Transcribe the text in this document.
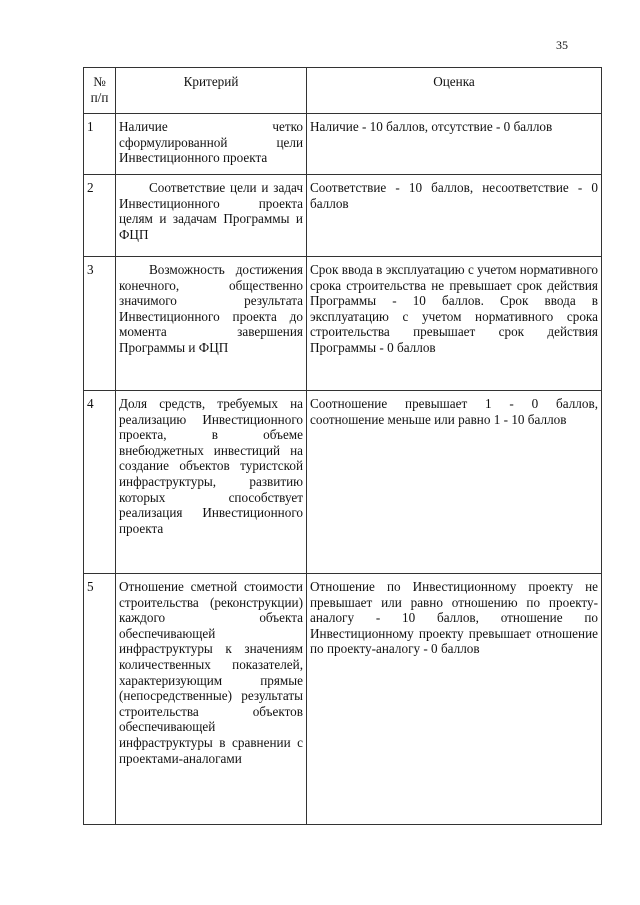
35
№
п/п	Критерий	Оценка
1	Наличие четко сформулированной цели Инвестиционного проекта	Наличие - 10 баллов, отсутствие - 0 баллов
2	Соответствие цели и задач Инвестиционного проекта целям и задачам Программы и ФЦП	Соответствие - 10 баллов, несоответствие - 0 баллов
3	Возможность достижения конечного, общественно значимого результата Инвестиционного проекта до момента завершения Программы и ФЦП	Срок ввода в эксплуатацию с учетом нормативного срока строительства не превышает срок действия Программы - 10 баллов. Срок ввода в эксплуатацию с учетом нормативного срока строительства превышает срок действия Программы - 0 баллов
4	Доля средств, требуемых на реализацию Инвестиционного проекта, в объеме внебюджетных инвестиций на создание объектов туристской инфраструктуры, развитию которых способствует реализация Инвестиционного проекта	Соотношение превышает 1 - 0 баллов, соотношение меньше или равно 1 - 10 баллов
5	Отношение сметной стоимости строительства (реконструкции) каждого объекта обеспечивающей инфраструктуры к значениям количественных показателей, характеризующим прямые (непосредственные) результаты строительства объектов обеспечивающей инфраструктуры в сравнении с проектами-аналогами	Отношение по Инвестиционному проекту не превышает или равно отношению по проекту-аналогу - 10 баллов, отношение по Инвестиционному проекту превышает отношение по проекту-аналогу - 0 баллов
